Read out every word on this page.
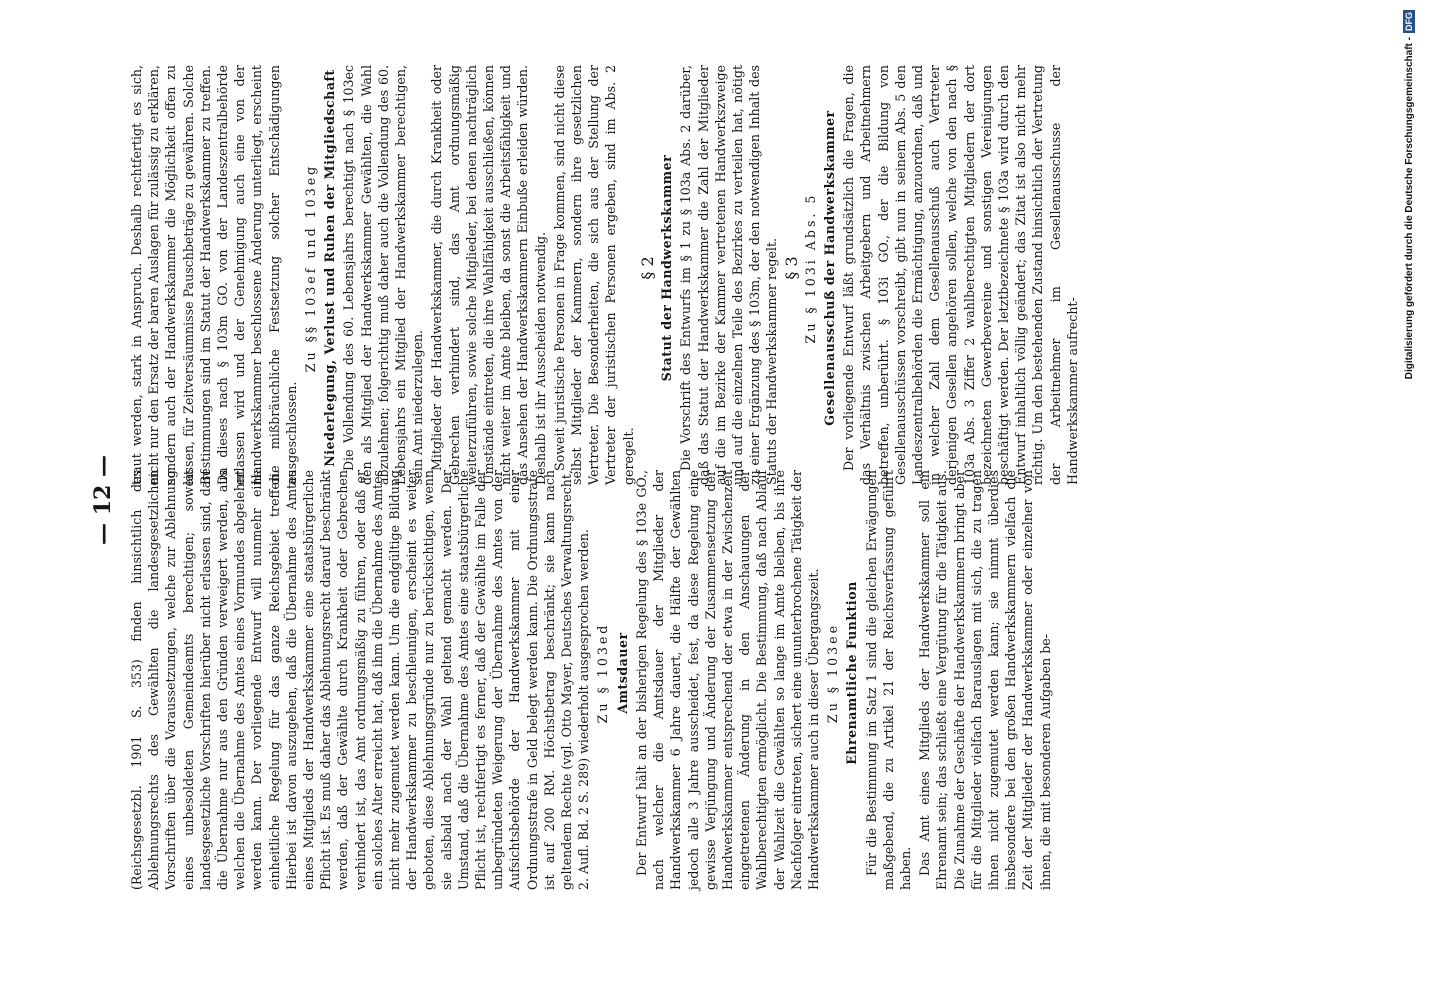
— 12 —	(Reichsgesetzbl. 1901 S. 353) finden hinsichtlich des Ablehnungsrechts des Gewählten die landesgesetzlichen Vorschriften über die Voraussetzungen, welche zur Ablehnung eines unbesoldeten Gemeindeamts berechtigen; soweit landesgesetzliche Vorschriften hierüber nicht erlassen sind, darf die Übernahme nur aus den Gründen verweigert werden, aus welchen die Übernahme des Amtes eines Vormundes abgelehnt werden kann. Der vorliegende Entwurf will nunmehr eine einheitliche Regelung für das ganze Reichsgebiet treffen. Hierbei ist davon auszugehen, daß die Übernahme des Amtes eines Mitglieds der Handwerkskammer eine staatsbürgerliche Pflicht ist. Es muß daher das Ablehnungsrecht darauf beschränkt werden, daß der Gewählte durch Krankheit oder Gebrechen verhindert ist, das Amt ordnungsmäßig zu führen, oder daß er ein solches Alter erreicht hat, daß ihm die Übernahme des Amtes nicht mehr zugemutet werden kann. Um die endgültige Bildung der Handwerkskammer zu beschleunigen, erscheint es weiter geboten, diese Ablehnungsgründe nur zu berücksichtigen, wenn sie alsbald nach der Wahl geltend gemacht werden. Der Umstand, daß die Übernahme des Amtes eine staatsbürgerliche Pflicht ist, rechtfertigt es ferner, daß der Gewählte im Falle der unbegründeten Weigerung der Übernahme des Amtes von der Aufsichtsbehörde der Handwerkskammer mit einer Ordnungsstrafe in Geld belegt werden kann. Die Ordnungsstrafe ist auf 200 RM. Höchstbetrag beschränkt; sie kann nach geltendem Rechte (vgl. Otto Mayer, Deutsches Verwaltungsrecht, 2. Aufl. Bd. 2 S. 289) wiederholt ausgesprochen werden. Zu § 103ed Amtsdauer Der Entwurf hält an der bisherigen Regelung des § 103e GO., nach welcher die Amtsdauer der Mitglieder der Handwerkskammer 6 Jahre dauert, die Hälfte der Gewählten jedoch alle 3 Jahre ausscheidet, fest, da diese Regelung eine gewisse Verjüngung und Änderung der Zusammensetzung der Handwerkskammer entsprechend der etwa in der Zwischenzeit eingetretenen Änderung in den Anschauungen der Wahlberechtigten ermöglicht. Die Bestimmung, daß nach Ablauf der Wahlzeit die Gewählten so lange im Amte bleiben, bis ihre Nachfolger eintreten, sichert eine ununterbrochene Tätigkeit der Handwerkskammer auch in dieser Übergangszeit. Zu § 103ee Ehrenamtliche Funktion Für die Bestimmung im Satz 1 sind die gleichen Erwägungen maßgebend, die zu Artikel 21 der Reichsverfassung geführt haben. Das Amt eines Mitglieds der Handwerkskammer soll ein Ehrenamt sein; das schließt eine Vergütung für die Tätigkeit aus. Die Zunahme der Geschäfte der Handwerkskammern bringt aber für die Mitglieder vielfach Barauslagen mit sich, die zu tragen ihnen nicht zugemutet werden kann; sie nimmt überdies insbesondere bei den großen Handwerkskammern vielfach die Zeit der Mitglieder der Handwerkskammer oder einzelner von ihnen, die mit besonderen Aufgaben be-

traut werden, stark in Anspruch. Deshalb rechtfertigt es sich, nicht nur den Ersatz der baren Auslagen für zulässig zu erklären, sondern auch der Handwerkskammer die Möglichkeit offen zu lassen, für Zeitversäumnisse Pauschbeträge zu gewähren. Solche Bestimmungen sind im Statut der Handwerkskammer zu treffen. Da dieses nach § 103m GO. von der Landeszentralbehörde erlassen wird und der Genehmigung auch eine von der Handwerkskammer beschlossene Änderung unterliegt, erscheint die mißbräuchliche Festsetzung solcher Entschädigungen ausgeschlossen.

Zu §§ 103ef und 103eg Niederlegung, Verlust und Ruhen der Mitgliedschaft Die Vollendung des 60. Lebensjahrs berechtigt nach § 103ec den als Mitglied der Handwerkskammer Gewählten, die Wahl abzulehnen; folgerichtig muß daher auch die Vollendung des 60. Lebensjahrs ein Mitglied der Handwerkskammer berechtigen, sein Amt niederzulegen. Mitglieder der Handwerkskammer, die durch Krankheit oder Gebrechen verhindert sind, das Amt ordnungsmäßig weiterzuführen, sowie solche Mitglieder, bei denen nachträglich Umstände eintreten, die ihre Wahlfähigkeit ausschließen, können nicht weiter im Amte bleiben, da sonst die Arbeitsfähigkeit und das Ansehen der Handwerkskammern Einbuße erleiden würden. Deshalb ist ihr Ausscheiden notwendig. Soweit juristische Personen in Frage kommen, sind nicht diese selbst Mitglieder der Kammern, sondern ihre gesetzlichen Vertreter. Die Besonderheiten, die sich aus der Stellung der Vertreter der juristischen Personen ergeben, sind im Abs. 2 geregelt.

§ 2 Statut der Handwerkskammer Die Vorschrift des Entwurfs im § 1 zu § 103a Abs. 2 darüber, daß das Statut der Handwerkskammer die Zahl der Mitglieder auf die im Bezirke der Kammer vertretenen Handwerkszweige und auf die einzelnen Teile des Bezirkes zu verteilen hat, nötigt zu einer Ergänzung des § 103m, der den notwendigen Inhalt des Statuts der Handwerkskammer regelt. § 3 Zu § 103i Abs. 5 Gesellenausschuß der Handwerkskammer Der vorliegende Entwurf läßt grundsätzlich die Fragen, die das Verhältnis zwischen Arbeitgebern und Arbeitnehmern betreffen, unberührt. § 103i GO., der die Bildung von Gesellenausschüssen vorschreibt, gibt nun in seinem Abs. 5 den Landeszentralbehörden die Ermächtigung, anzuordnen, daß und in welcher Zahl dem Gesellenausschuß auch Vertreter derjenigen Gesellen angehören sollen, welche von den nach § 103a Abs. 3 Ziffer 2 wahlberechtigten Mitgliedern der dort bezeichneten Gewerbevereine und sonstigen Vereinigungen beschäftigt werden. Der letztbezeichnete § 103a wird durch den Entwurf inhaltlich völlig geändert; das Zitat ist also nicht mehr richtig. Um den bestehenden Zustand hinsichtlich der Vertretung der Arbeitnehmer im Gesellenausschusse der Handwerkskammer aufrecht-

DFG
Digitalisierung gefördert durch die Deutsche Forschungsgemeinschaft -
